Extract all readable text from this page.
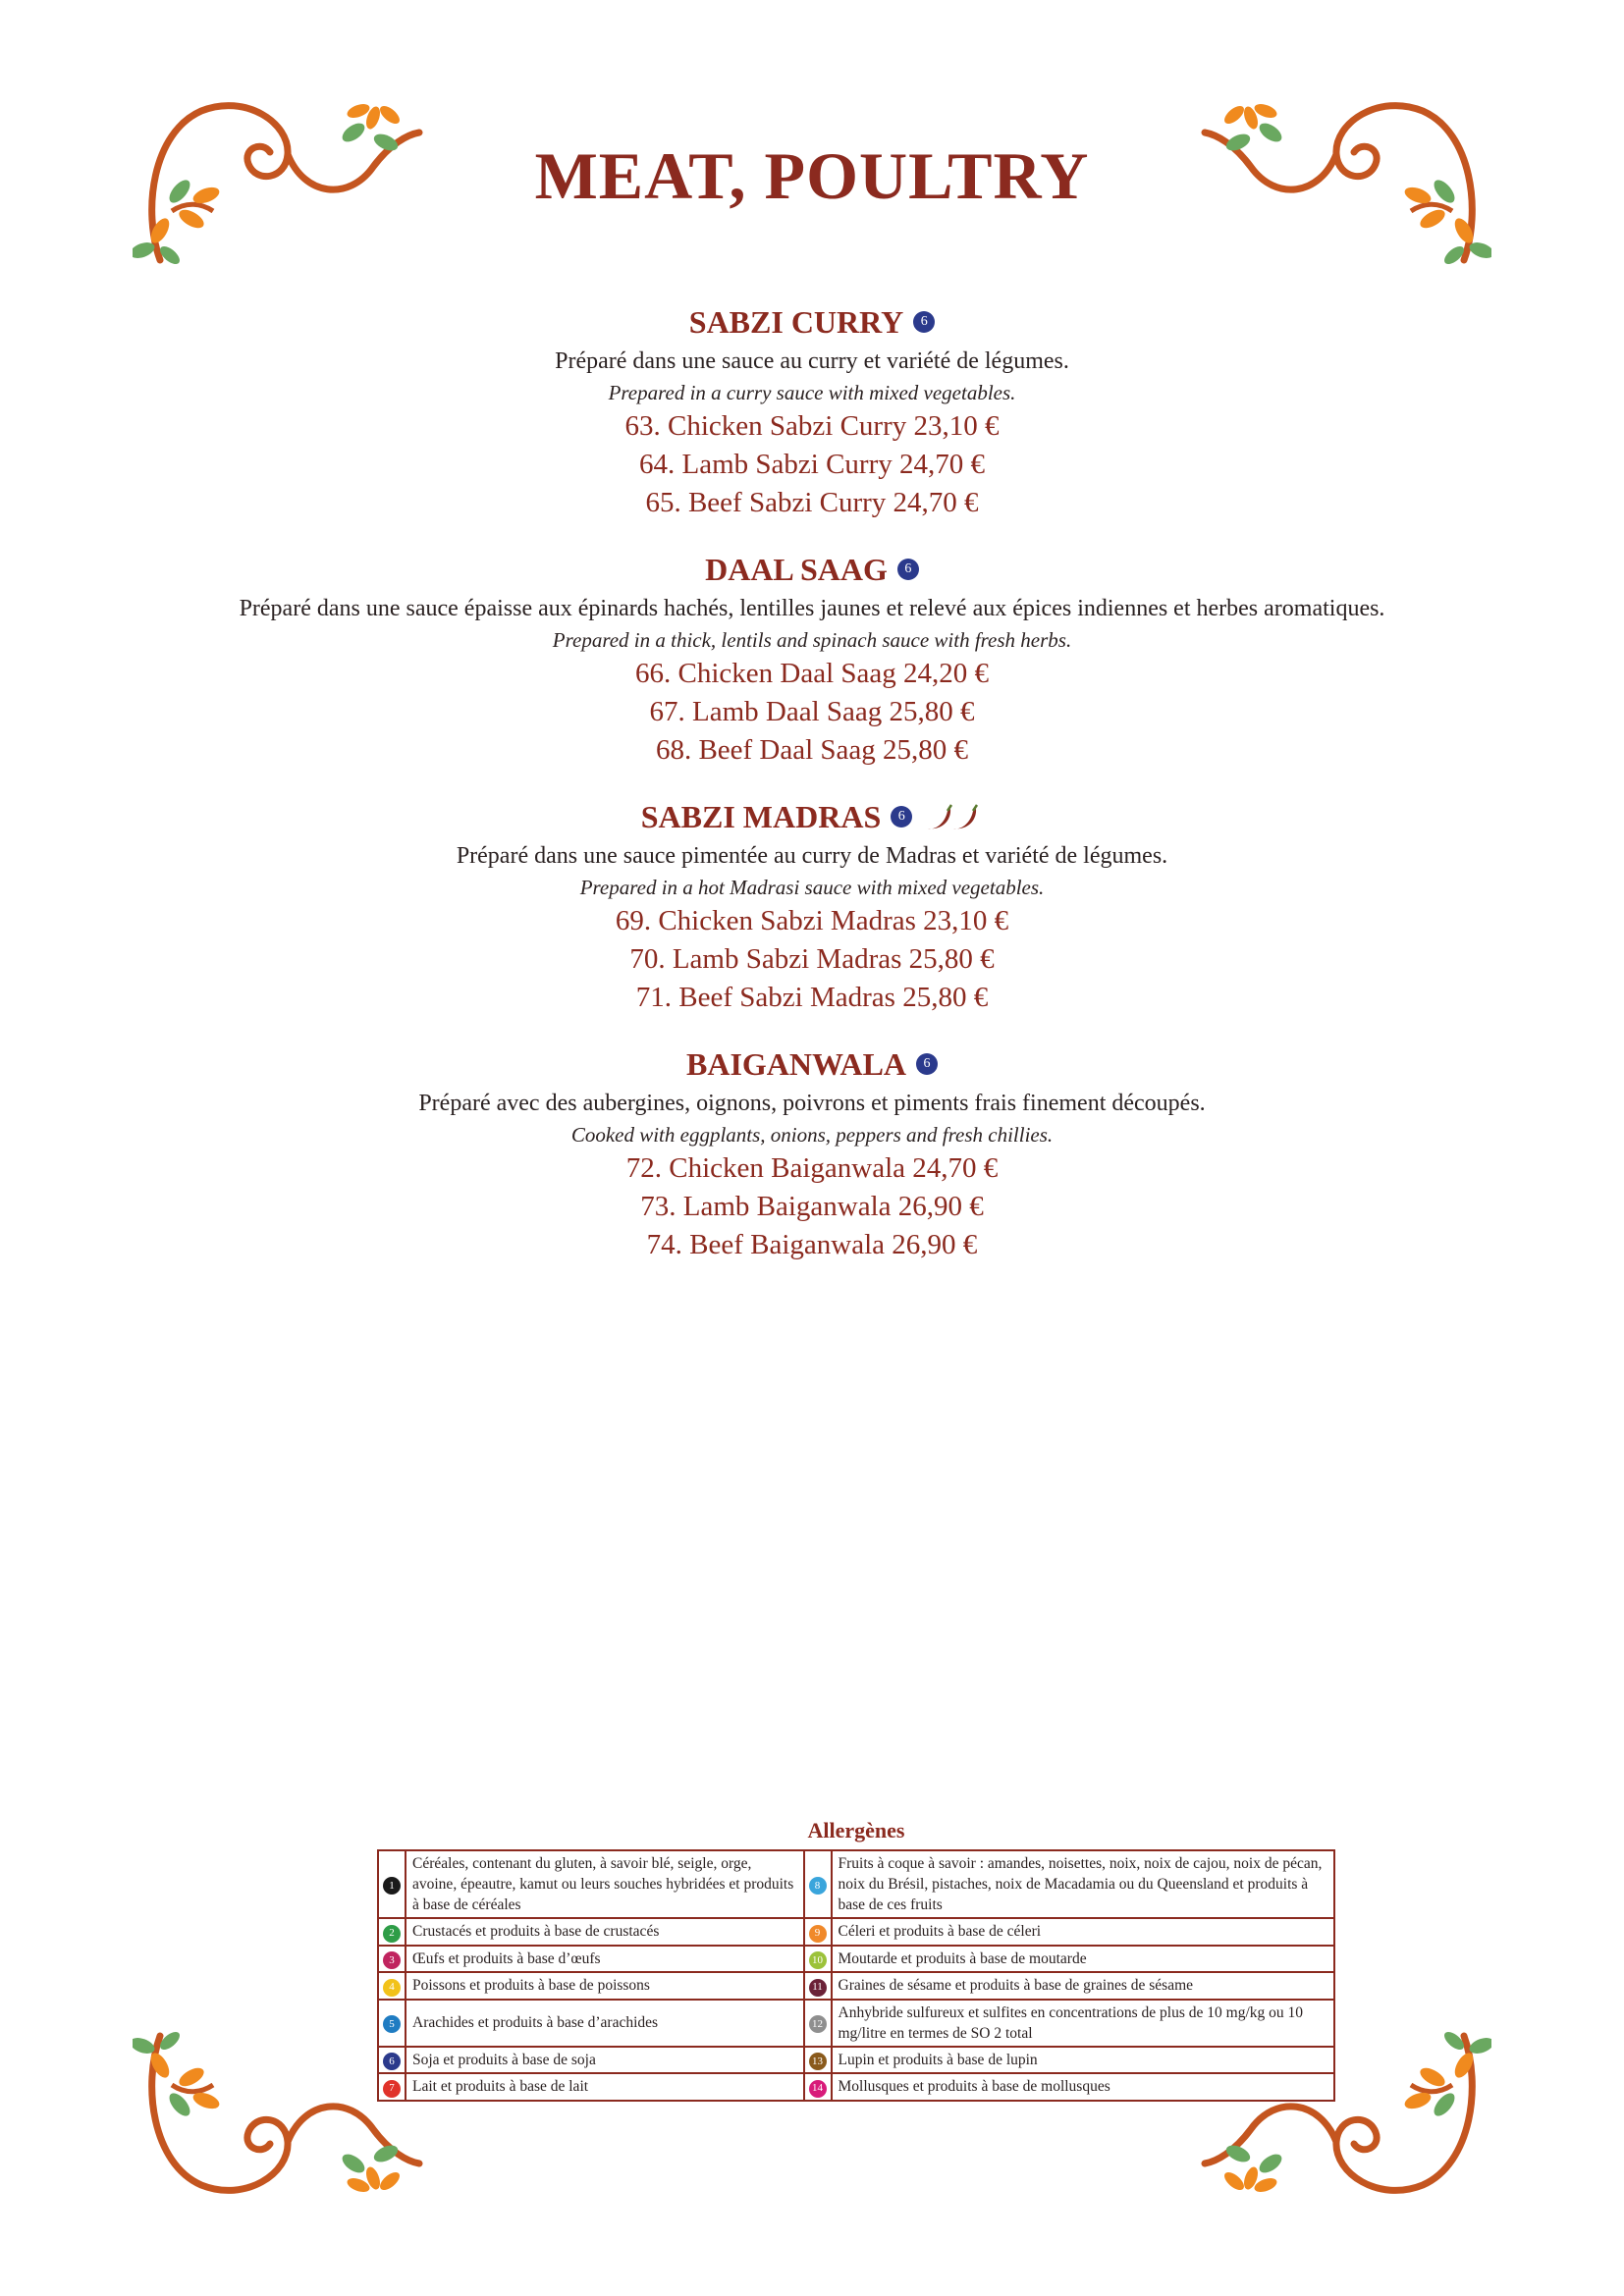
MEAT, POULTRY
SABZI CURRY	6
Préparé dans une sauce au curry et variété de légumes.
Prepared in a curry sauce with mixed vegetables.
63. Chicken Sabzi Curry 23,10 €
64. Lamb Sabzi Curry 24,70 €
65. Beef Sabzi Curry 24,70 €
DAAL SAAG	6
Préparé dans une sauce épaisse aux épinards hachés, lentilles jaunes et relevé aux épices indiennes et herbes aromatiques.
Prepared in a thick, lentils and spinach sauce with fresh herbs.
66. Chicken Daal Saag 24,20 €
67. Lamb Daal Saag 25,80 €
68. Beef Daal Saag 25,80 €
SABZI MADRAS	6
Préparé dans une sauce pimentée au curry de Madras et variété de légumes.
Prepared in a hot Madrasi sauce with mixed vegetables.
69. Chicken Sabzi Madras 23,10 €
70. Lamb Sabzi Madras 25,80 €
71. Beef Sabzi Madras 25,80 €
BAIGANWALA	6
Préparé avec des aubergines, oignons, poivrons et piments frais finement découpés.
Cooked with eggplants, onions, peppers and fresh chillies.
72. Chicken Baiganwala 24,70 €
73. Lamb Baiganwala 26,90 €
74. Beef Baiganwala 26,90 €
Allergènes
1	Céréales, contenant du gluten, à savoir blé, seigle, orge, avoine, épeautre, kamut ou leurs souches hybridées et produits à base de céréales	8	Fruits à coque à savoir : amandes, noisettes, noix, noix de cajou, noix de pécan, noix du Brésil, pistaches, noix de Macadamia ou du Queensland et produits à base de ces fruits
2	Crustacés et produits à base de crustacés	9	Céleri et produits à base de céleri
3	Œufs et produits à base d’œufs	10	Moutarde et produits à base de moutarde
4	Poissons et produits à base de poissons	11	Graines de sésame et produits à base de graines de sésame
5	Arachides et produits à base d’arachides	12	Anhybride sulfureux et sulfites en concentrations de plus de 10 mg/kg ou 10 mg/litre en termes de SO 2 total
6	Soja et produits à base de soja	13	Lupin et produits à base de lupin
7	Lait et produits à base de lait	14	Mollusques et produits à base de mollusques
